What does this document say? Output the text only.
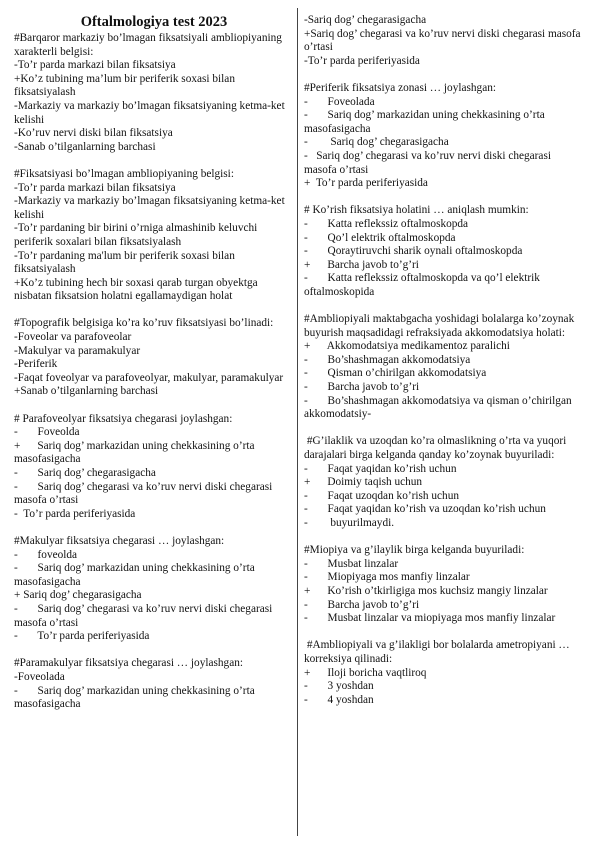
Oftalmologiya test 2023
#Barqaror markaziy bo’lmagan fiksatsiyali ambliopiyaning xarakterli belgisi:
-To’r parda markazi bilan fiksatsiya
+Ko’z tubining ma’lum bir periferik soxasi bilan fiksatsiyalash
-Markaziy va markaziy bo’lmagan fiksatsiyaning ketma-ket kelishi
-Ko’ruv nervi diski bilan fiksatsiya
-Sanab o’tilganlarning barchasi
#Fiksatsiyasi bo’lmagan ambliopiyaning belgisi:
-To’r parda markazi bilan fiksatsiya
-Markaziy va markaziy bo’lmagan fiksatsiyaning ketma-ket kelishi
-To’r pardaning bir birini o’rniga almashinib keluvchi periferik soxalari bilan fiksatsiyalash
-To’r pardaning ma'lum bir periferik soxasi bilan fiksatsiyalash
+Ko’z tubining hech bir soxasi qarab turgan obyektga nisbatan fiksatsion holatni egallamaydigan holat
#Topografik belgisiga ko’ra ko’ruv fiksatsiyasi bo’linadi:
-Foveolar va parafoveolar
-Makulyar va paramakulyar
-Periferik
-Faqat foveolyar va parafoveolyar, makulyar, paramakulyar
+Sanab o’tilganlarning barchasi
# Parafoveolyar fiksatsiya chegarasi joylashgan:
-       Foveolda
+      Sariq dog’ markazidan uning chekkasining o’rta masofasigacha
-       Sariq dog’ chegarasigacha
-       Sariq dog’ chegarasi va ko’ruv nervi diski chegarasi masofa o’rtasi
-  To’r parda periferiyasida
#Makulyar fiksatsiya chegarasi … joylashgan:
-       foveolda
-       Sariq dog’ markazidan uning chekkasining o’rta masofasigacha
+ Sariq dog’ chegarasigacha
-       Sariq dog’ chegarasi va ko’ruv nervi diski chegarasi masofa o’rtasi
-       To’r parda periferiyasida
#Paramakulyar fiksatsiya chegarasi … joylashgan:
-Foveolada
-       Sariq dog’ markazidan uning chekkasining o’rta masofasigacha
-Sariq dog’ chegarasigacha
+Sariq dog’ chegarasi va ko’ruv nervi diski chegarasi masofa o’rtasi
-To’r parda periferiyasida
#Periferik fiksatsiya zonasi … joylashgan:
-       Foveolada
-       Sariq dog’ markazidan uning chekkasining o’rta masofasigacha
-        Sariq dog’ chegarasigacha
-   Sariq dog’ chegarasi va ko’ruv nervi diski chegarasi masofa o’rtasi
+  To’r parda periferiyasida
# Ko’rish fiksatsiya holatini … aniqlash mumkin:
-       Katta reflekssiz oftalmoskopda
-       Qo’l elektrik oftalmoskopda
-       Qoraytiruvchi sharik oynali oftalmoskopda
+      Barcha javob to’g’ri
-       Katta reflekssiz oftalmoskopda va qo’l elektrik oftalmoskopida
#Ambliopiyali maktabgacha yoshidagi bolalarga ko’zoynak buyurish maqsadidagi refraksiyada akkomodatsiya holati:
+      Akkomodatsiya medikamentoz paralichi
-       Bo’shashmagan akkomodatsiya
-       Qisman o’chirilgan akkomodatsiya
-       Barcha javob to’g’ri
-       Bo’shashmagan akkomodatsiya va qisman o’chirilgan akkomodatsiy-
#G’ilaklik va uzoqdan ko’ra olmaslikning o’rta va yuqori darajalari birga kelganda qanday ko’zoynak buyuriladi:
-       Faqat yaqidan ko’rish uchun
+      Doimiy taqish uchun
-       Faqat uzoqdan ko’rish uchun
-       Faqat yaqidan ko’rish va uzoqdan ko’rish uchun
-        buyurilmaydi.
#Miopiya va g’ilaylik birga kelganda buyuriladi:
-       Musbat linzalar
-       Miopiyaga mos manfiy linzalar
+      Ko’rish o’tkirligiga mos kuchsiz mangiy linzalar
-       Barcha javob to’g’ri
-       Musbat linzalar va miopiyaga mos manfiy linzalar
#Ambliopiyali va g’ilakligi bor bolalarda ametropiyani … korreksiya qilinadi:
+      Iloji boricha vaqtliroq
-       3 yoshdan
-       4 yoshdan
